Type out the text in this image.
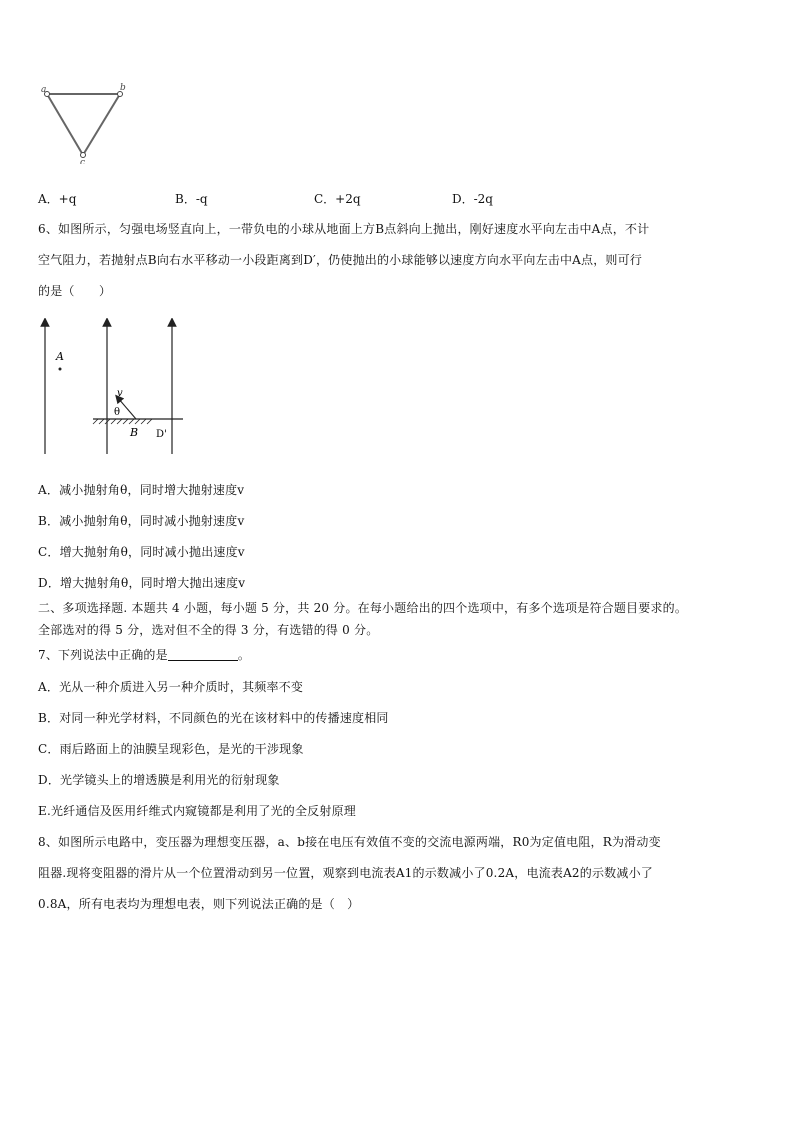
a	b
c
A．+q	B．-q	C．+2q	D．-2q
6、如图所示，匀强电场竖直向上，一带负电的小球从地面上方B点斜向上抛出，刚好速度水平向左击中A点，不计
空气阻力，若抛射点B向右水平移动一小段距离到D′，仍使抛出的小球能够以速度方向水平向左击中A点，则可行
的是（　　）
A
v
θ
B D'
A．减小抛射角θ，同时增大抛射速度v
B．减小抛射角θ，同时减小抛射速度v
C．增大抛射角θ，同时减小抛出速度v
D．增大抛射角θ，同时增大抛出速度v
二、多项选择题. 本题共 4 小题，每小题 5 分，共 20 分。在每小题给出的四个选项中，有多个选项是符合题目要求的。
全部选对的得 5 分，选对但不全的得 3 分，有选错的得 0 分。
7、下列说法中正确的是	。
A．光从一种介质进入另一种介质时，其频率不变
B．对同一种光学材料，不同颜色的光在该材料中的传播速度相同
C．雨后路面上的油膜呈现彩色，是光的干涉现象
D．光学镜头上的增透膜是利用光的衍射现象
E.光纤通信及医用纤维式内窥镜都是利用了光的全反射原理
8、如图所示电路中，变压器为理想变压器，a、b接在电压有效值不变的交流电源两端，R0为定值电阻，R为滑动变
阻器.现将变阻器的滑片从一个位置滑动到另一位置，观察到电流表A1的示数减小了0.2A，电流表A2的示数减小了
0.8A，所有电表均为理想电表，则下列说法正确的是（　）
